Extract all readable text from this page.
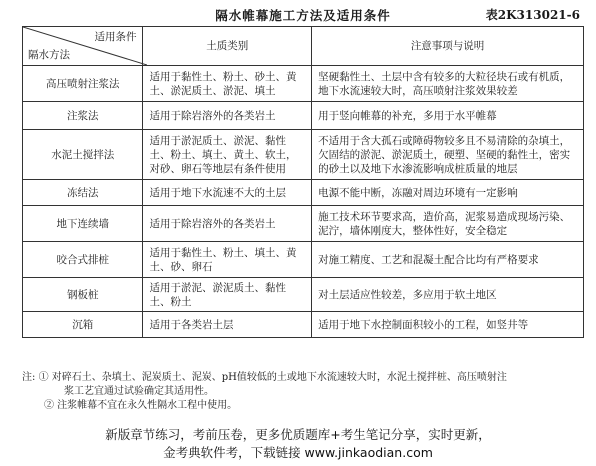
隔水帷幕施工方法及适用条件	表2K313021-6
适用条件
隔水方法	土质类别	注意事项与说明
高压喷射注浆法	适用于黏性土、粉土、砂土、黄土、淤泥质土、淤泥、填土	坚硬黏性土、土层中含有较多的大粒径块石或有机质，地下水流速较大时，高压喷射注浆效果较差
注浆法	适用于除岩溶外的各类岩土	用于竖向帷幕的补充，多用于水平帷幕
水泥土搅拌法	适用于淤泥质土、淤泥、黏性土、粉土、填土、黄土、软土，对砂、卵石等地层有条件使用	不适用于含大孤石或障碍物较多且不易清除的杂填土，欠固结的淤泥、淤泥质土，硬塑、坚硬的黏性土，密实的砂土以及地下水渗流影响成桩质量的地层
冻结法	适用于地下水流速不大的土层	电源不能中断，冻融对周边环境有一定影响
地下连续墙	适用于除岩溶外的各类岩土	施工技术环节要求高，造价高，泥浆易造成现场污染、泥泞，墙体刚度大，整体性好，安全稳定
咬合式排桩	适用于黏性土、粉土、填土、黄土、砂、卵石	对施工精度、工艺和混凝土配合比均有严格要求
钢板桩	适用于淤泥、淤泥质土、黏性土、粉土	对土层适应性较差，多应用于软土地区
沉箱	适用于各类岩土层	适用于地下水控制面积较小的工程，如竖井等
注: ① 对碎石土、杂填土、泥炭质土、泥炭、pH值较低的土或地下水流速较大时，水泥土搅拌桩、高压喷射注
浆工艺宜通过试验确定其适用性。
② 注浆帷幕不宜在永久性隔水工程中使用。
新版章节练习，考前压卷，更多优质题库+考生笔记分享，实时更新，
金考典软件考，下载链接 www.jinkaodian.com
